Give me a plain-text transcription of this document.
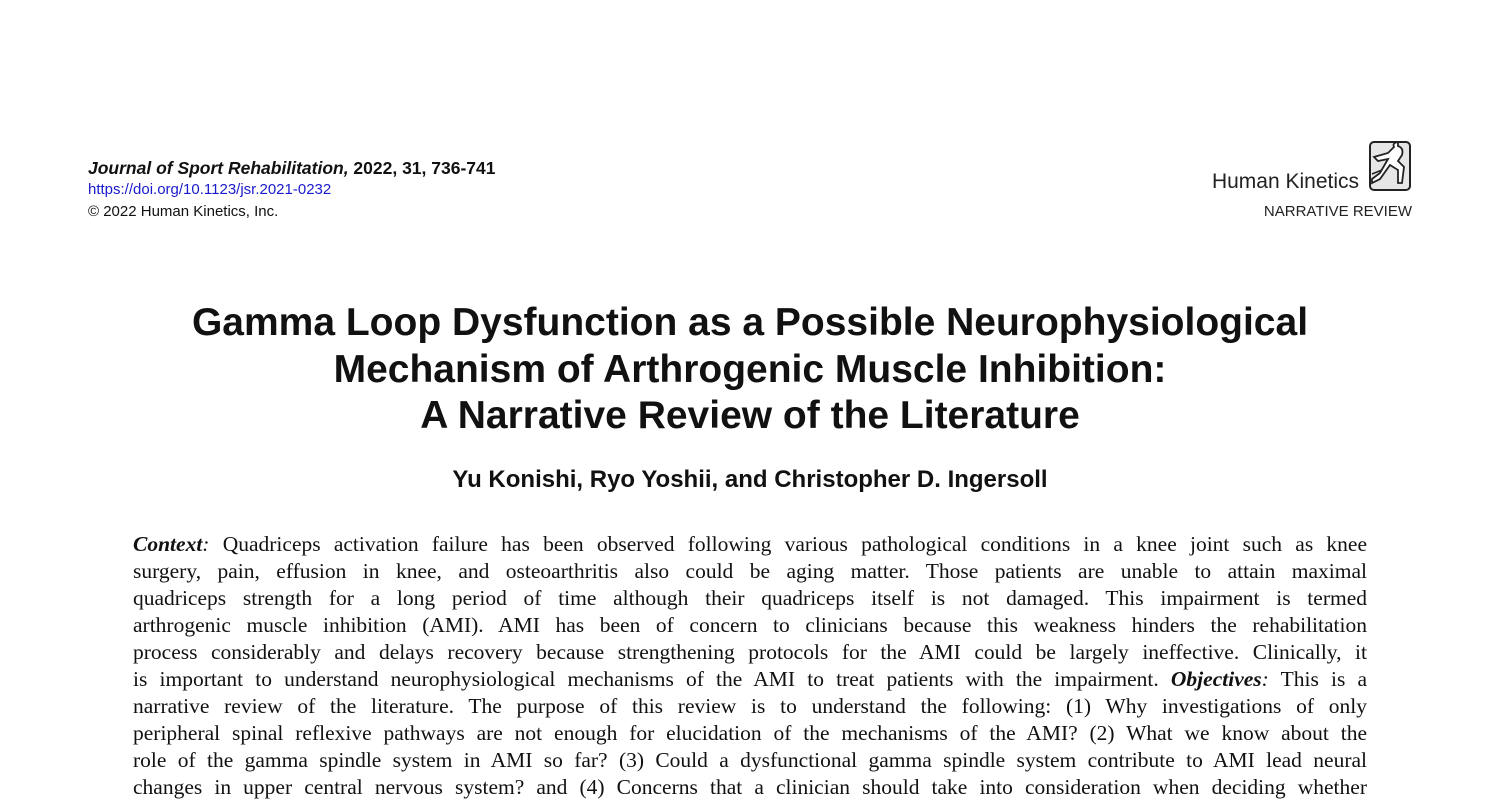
Journal of Sport Rehabilitation, 2022, 31, 736-741
https://doi.org/10.1123/jsr.2021-0232
© 2022 Human Kinetics, Inc.
Human Kinetics
NARRATIVE REVIEW
Gamma Loop Dysfunction as a Possible Neurophysiological
Mechanism of Arthrogenic Muscle Inhibition:
A Narrative Review of the Literature
Yu Konishi, Ryo Yoshii, and Christopher D. Ingersoll
Context: Quadriceps activation failure has been observed following various pathological conditions in a knee joint such as knee
surgery, pain, effusion in knee, and osteoarthritis also could be aging matter. Those patients are unable to attain maximal
quadriceps strength for a long period of time although their quadriceps itself is not damaged. This impairment is termed
arthrogenic muscle inhibition (AMI). AMI has been of concern to clinicians because this weakness hinders the rehabilitation
process considerably and delays recovery because strengthening protocols for the AMI could be largely ineffective. Clinically, it
is important to understand neurophysiological mechanisms of the AMI to treat patients with the impairment. Objectives: This is a
narrative review of the literature. The purpose of this review is to understand the following: (1) Why investigations of only
peripheral spinal reflexive pathways are not enough for elucidation of the mechanisms of the AMI? (2) What we know about the
role of the gamma spindle system in AMI so far? (3) Could a dysfunctional gamma spindle system contribute to AMI lead neural
changes in upper central nervous system? and (4) Concerns that a clinician should take into consideration when deciding whether
